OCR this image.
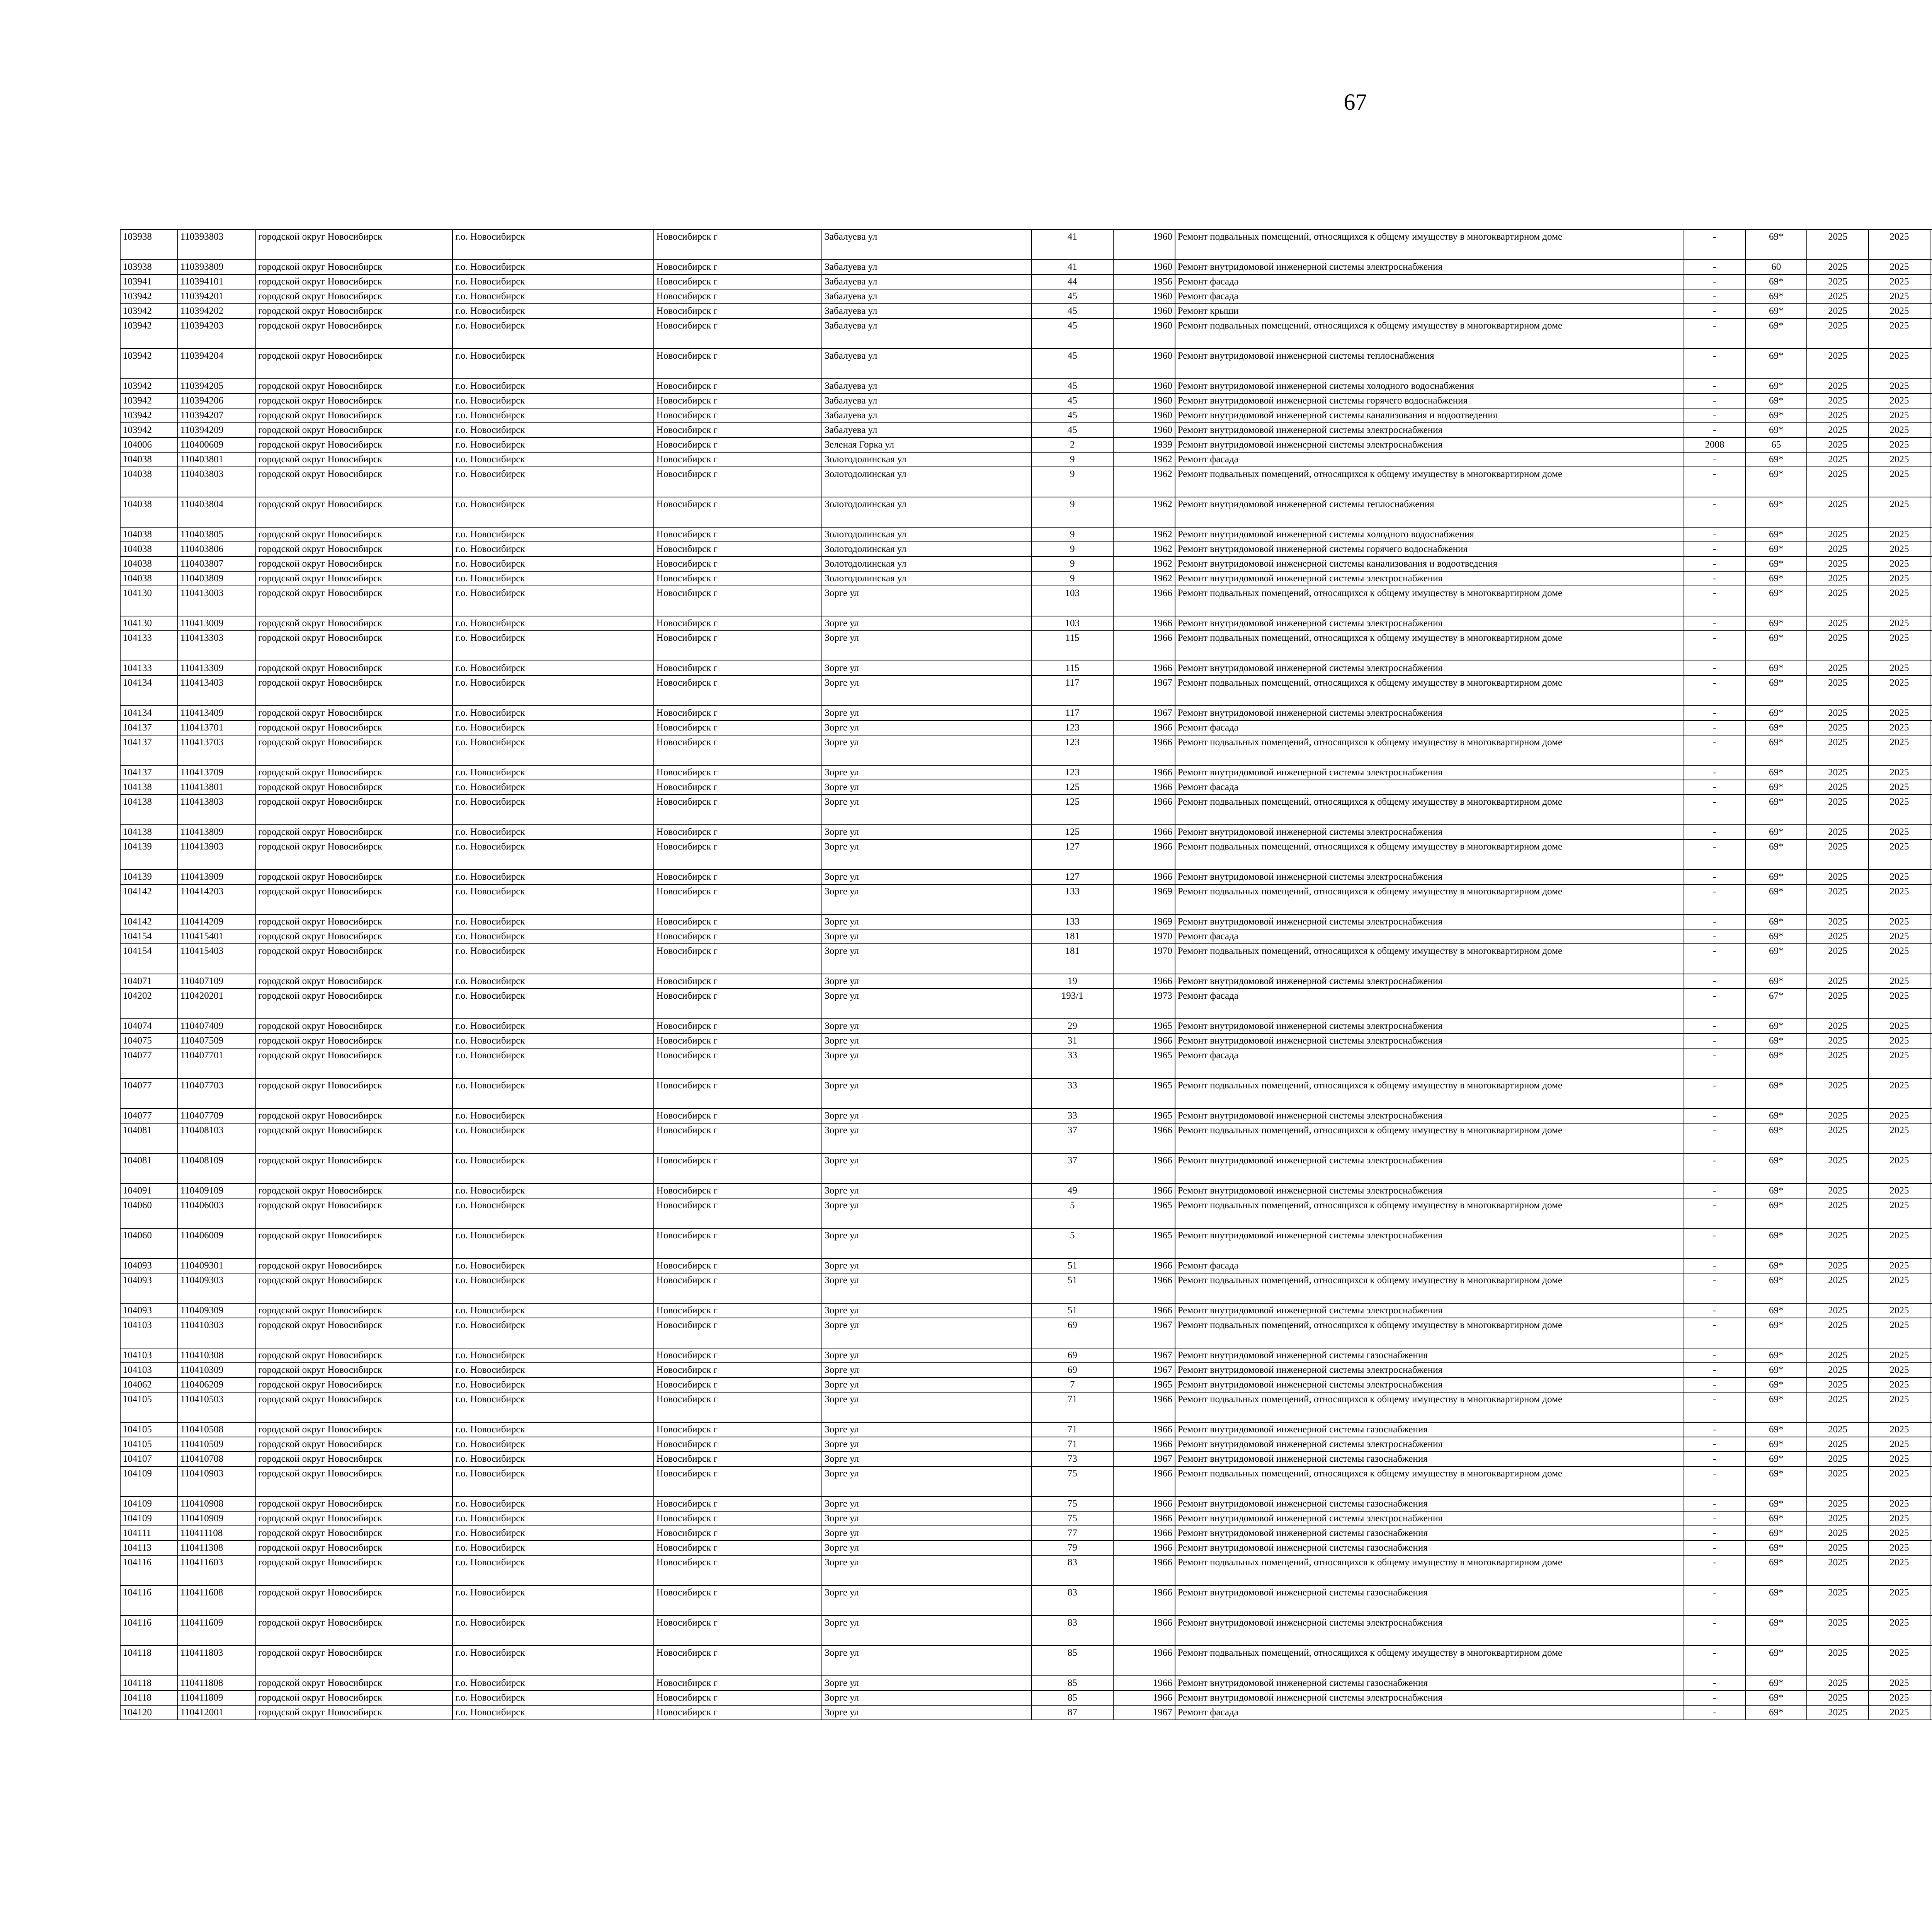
67
103938	110393803	городской округ Новосибирск	г.о. Новосибирск	Новосибирск г	Забалуева ул	41	1960	Ремонт подвальных помещений, относящихся к общему имуществу в многоквартирном доме	-	69*	2025	2025							
103938	110393809	городской округ Новосибирск	г.о. Новосибирск	Новосибирск г	Забалуева ул	41	1960	Ремонт внутридомовой инженерной системы электроснабжения	-	60	2025	2025							
103941	110394101	городской округ Новосибирск	г.о. Новосибирск	Новосибирск г	Забалуева ул	44	1956	Ремонт фасада	-	69*	2025	2025							
103942	110394201	городской округ Новосибирск	г.о. Новосибирск	Новосибирск г	Забалуева ул	45	1960	Ремонт фасада	-	69*	2025	2025							
103942	110394202	городской округ Новосибирск	г.о. Новосибирск	Новосибирск г	Забалуева ул	45	1960	Ремонт крыши	-	69*	2025	2025							
103942	110394203	городской округ Новосибирск	г.о. Новосибирск	Новосибирск г	Забалуева ул	45	1960	Ремонт подвальных помещений, относящихся к общему имуществу в многоквартирном доме	-	69*	2025	2025							
103942	110394204	городской округ Новосибирск	г.о. Новосибирск	Новосибирск г	Забалуева ул	45	1960	Ремонт внутридомовой инженерной системы теплоснабжения	-	69*	2025	2025							
103942	110394205	городской округ Новосибирск	г.о. Новосибирск	Новосибирск г	Забалуева ул	45	1960	Ремонт внутридомовой инженерной системы холодного водоснабжения	-	69*	2025	2025							
103942	110394206	городской округ Новосибирск	г.о. Новосибирск	Новосибирск г	Забалуева ул	45	1960	Ремонт внутридомовой инженерной системы горячего водоснабжения	-	69*	2025	2025							
103942	110394207	городской округ Новосибирск	г.о. Новосибирск	Новосибирск г	Забалуева ул	45	1960	Ремонт внутридомовой инженерной системы канализования и водоотведения	-	69*	2025	2025							
103942	110394209	городской округ Новосибирск	г.о. Новосибирск	Новосибирск г	Забалуева ул	45	1960	Ремонт внутридомовой инженерной системы электроснабжения	-	69*	2025	2025							
104006	110400609	городской округ Новосибирск	г.о. Новосибирск	Новосибирск г	Зеленая Горка ул	2	1939	Ремонт внутридомовой инженерной системы электроснабжения	2008	65	2025	2025							
104038	110403801	городской округ Новосибирск	г.о. Новосибирск	Новосибирск г	Золотодолинская ул	9	1962	Ремонт фасада	-	69*	2025	2025							
104038	110403803	городской округ Новосибирск	г.о. Новосибирск	Новосибирск г	Золотодолинская ул	9	1962	Ремонт подвальных помещений, относящихся к общему имуществу в многоквартирном доме	-	69*	2025	2025							
104038	110403804	городской округ Новосибирск	г.о. Новосибирск	Новосибирск г	Золотодолинская ул	9	1962	Ремонт внутридомовой инженерной системы теплоснабжения	-	69*	2025	2025							
104038	110403805	городской округ Новосибирск	г.о. Новосибирск	Новосибирск г	Золотодолинская ул	9	1962	Ремонт внутридомовой инженерной системы холодного водоснабжения	-	69*	2025	2025							
104038	110403806	городской округ Новосибирск	г.о. Новосибирск	Новосибирск г	Золотодолинская ул	9	1962	Ремонт внутридомовой инженерной системы горячего водоснабжения	-	69*	2025	2025							
104038	110403807	городской округ Новосибирск	г.о. Новосибирск	Новосибирск г	Золотодолинская ул	9	1962	Ремонт внутридомовой инженерной системы канализования и водоотведения	-	69*	2025	2025							
104038	110403809	городской округ Новосибирск	г.о. Новосибирск	Новосибирск г	Золотодолинская ул	9	1962	Ремонт внутридомовой инженерной системы электроснабжения	-	69*	2025	2025							
104130	110413003	городской округ Новосибирск	г.о. Новосибирск	Новосибирск г	Зорге ул	103	1966	Ремонт подвальных помещений, относящихся к общему имуществу в многоквартирном доме	-	69*	2025	2025							
104130	110413009	городской округ Новосибирск	г.о. Новосибирск	Новосибирск г	Зорге ул	103	1966	Ремонт внутридомовой инженерной системы электроснабжения	-	69*	2025	2025							
104133	110413303	городской округ Новосибирск	г.о. Новосибирск	Новосибирск г	Зорге ул	115	1966	Ремонт подвальных помещений, относящихся к общему имуществу в многоквартирном доме	-	69*	2025	2025							
104133	110413309	городской округ Новосибирск	г.о. Новосибирск	Новосибирск г	Зорге ул	115	1966	Ремонт внутридомовой инженерной системы электроснабжения	-	69*	2025	2025							
104134	110413403	городской округ Новосибирск	г.о. Новосибирск	Новосибирск г	Зорге ул	117	1967	Ремонт подвальных помещений, относящихся к общему имуществу в многоквартирном доме	-	69*	2025	2025							
104134	110413409	городской округ Новосибирск	г.о. Новосибирск	Новосибирск г	Зорге ул	117	1967	Ремонт внутридомовой инженерной системы электроснабжения	-	69*	2025	2025							
104137	110413701	городской округ Новосибирск	г.о. Новосибирск	Новосибирск г	Зорге ул	123	1966	Ремонт фасада	-	69*	2025	2025							
104137	110413703	городской округ Новосибирск	г.о. Новосибирск	Новосибирск г	Зорге ул	123	1966	Ремонт подвальных помещений, относящихся к общему имуществу в многоквартирном доме	-	69*	2025	2025							
104137	110413709	городской округ Новосибирск	г.о. Новосибирск	Новосибирск г	Зорге ул	123	1966	Ремонт внутридомовой инженерной системы электроснабжения	-	69*	2025	2025							
104138	110413801	городской округ Новосибирск	г.о. Новосибирск	Новосибирск г	Зорге ул	125	1966	Ремонт фасада	-	69*	2025	2025							
104138	110413803	городской округ Новосибирск	г.о. Новосибирск	Новосибирск г	Зорге ул	125	1966	Ремонт подвальных помещений, относящихся к общему имуществу в многоквартирном доме	-	69*	2025	2025							
104138	110413809	городской округ Новосибирск	г.о. Новосибирск	Новосибирск г	Зорге ул	125	1966	Ремонт внутридомовой инженерной системы электроснабжения	-	69*	2025	2025							
104139	110413903	городской округ Новосибирск	г.о. Новосибирск	Новосибирск г	Зорге ул	127	1966	Ремонт подвальных помещений, относящихся к общему имуществу в многоквартирном доме	-	69*	2025	2025							
104139	110413909	городской округ Новосибирск	г.о. Новосибирск	Новосибирск г	Зорге ул	127	1966	Ремонт внутридомовой инженерной системы электроснабжения	-	69*	2025	2025							
104142	110414203	городской округ Новосибирск	г.о. Новосибирск	Новосибирск г	Зорге ул	133	1969	Ремонт подвальных помещений, относящихся к общему имуществу в многоквартирном доме	-	69*	2025	2025							
104142	110414209	городской округ Новосибирск	г.о. Новосибирск	Новосибирск г	Зорге ул	133	1969	Ремонт внутридомовой инженерной системы электроснабжения	-	69*	2025	2025							
104154	110415401	городской округ Новосибирск	г.о. Новосибирск	Новосибирск г	Зорге ул	181	1970	Ремонт фасада	-	69*	2025	2025							
104154	110415403	городской округ Новосибирск	г.о. Новосибирск	Новосибирск г	Зорге ул	181	1970	Ремонт подвальных помещений, относящихся к общему имуществу в многоквартирном доме	-	69*	2025	2025							
104071	110407109	городской округ Новосибирск	г.о. Новосибирск	Новосибирск г	Зорге ул	19	1966	Ремонт внутридомовой инженерной системы электроснабжения	-	69*	2025	2025							
104202	110420201	городской округ Новосибирск	г.о. Новосибирск	Новосибирск г	Зорге ул	193/1	1973	Ремонт фасада	-	67*	2025	2025							
104074	110407409	городской округ Новосибирск	г.о. Новосибирск	Новосибирск г	Зорге ул	29	1965	Ремонт внутридомовой инженерной системы электроснабжения	-	69*	2025	2025							
104075	110407509	городской округ Новосибирск	г.о. Новосибирск	Новосибирск г	Зорге ул	31	1966	Ремонт внутридомовой инженерной системы электроснабжения	-	69*	2025	2025							
104077	110407701	городской округ Новосибирск	г.о. Новосибирск	Новосибирск г	Зорге ул	33	1965	Ремонт фасада	-	69*	2025	2025							
104077	110407703	городской округ Новосибирск	г.о. Новосибирск	Новосибирск г	Зорге ул	33	1965	Ремонт подвальных помещений, относящихся к общему имуществу в многоквартирном доме	-	69*	2025	2025							
104077	110407709	городской округ Новосибирск	г.о. Новосибирск	Новосибирск г	Зорге ул	33	1965	Ремонт внутридомовой инженерной системы электроснабжения	-	69*	2025	2025							
104081	110408103	городской округ Новосибирск	г.о. Новосибирск	Новосибирск г	Зорге ул	37	1966	Ремонт подвальных помещений, относящихся к общему имуществу в многоквартирном доме	-	69*	2025	2025							
104081	110408109	городской округ Новосибирск	г.о. Новосибирск	Новосибирск г	Зорге ул	37	1966	Ремонт внутридомовой инженерной системы электроснабжения	-	69*	2025	2025							
104091	110409109	городской округ Новосибирск	г.о. Новосибирск	Новосибирск г	Зорге ул	49	1966	Ремонт внутридомовой инженерной системы электроснабжения	-	69*	2025	2025							
104060	110406003	городской округ Новосибирск	г.о. Новосибирск	Новосибирск г	Зорге ул	5	1965	Ремонт подвальных помещений, относящихся к общему имуществу в многоквартирном доме	-	69*	2025	2025							
104060	110406009	городской округ Новосибирск	г.о. Новосибирск	Новосибирск г	Зорге ул	5	1965	Ремонт внутридомовой инженерной системы электроснабжения	-	69*	2025	2025							
104093	110409301	городской округ Новосибирск	г.о. Новосибирск	Новосибирск г	Зорге ул	51	1966	Ремонт фасада	-	69*	2025	2025							
104093	110409303	городской округ Новосибирск	г.о. Новосибирск	Новосибирск г	Зорге ул	51	1966	Ремонт подвальных помещений, относящихся к общему имуществу в многоквартирном доме	-	69*	2025	2025							
104093	110409309	городской округ Новосибирск	г.о. Новосибирск	Новосибирск г	Зорге ул	51	1966	Ремонт внутридомовой инженерной системы электроснабжения	-	69*	2025	2025							
104103	110410303	городской округ Новосибирск	г.о. Новосибирск	Новосибирск г	Зорге ул	69	1967	Ремонт подвальных помещений, относящихся к общему имуществу в многоквартирном доме	-	69*	2025	2025							
104103	110410308	городской округ Новосибирск	г.о. Новосибирск	Новосибирск г	Зорге ул	69	1967	Ремонт внутридомовой инженерной системы газоснабжения	-	69*	2025	2025							
104103	110410309	городской округ Новосибирск	г.о. Новосибирск	Новосибирск г	Зорге ул	69	1967	Ремонт внутридомовой инженерной системы электроснабжения	-	69*	2025	2025							
104062	110406209	городской округ Новосибирск	г.о. Новосибирск	Новосибирск г	Зорге ул	7	1965	Ремонт внутридомовой инженерной системы электроснабжения	-	69*	2025	2025							
104105	110410503	городской округ Новосибирск	г.о. Новосибирск	Новосибирск г	Зорге ул	71	1966	Ремонт подвальных помещений, относящихся к общему имуществу в многоквартирном доме	-	69*	2025	2025							
104105	110410508	городской округ Новосибирск	г.о. Новосибирск	Новосибирск г	Зорге ул	71	1966	Ремонт внутридомовой инженерной системы газоснабжения	-	69*	2025	2025							
104105	110410509	городской округ Новосибирск	г.о. Новосибирск	Новосибирск г	Зорге ул	71	1966	Ремонт внутридомовой инженерной системы электроснабжения	-	69*	2025	2025							
104107	110410708	городской округ Новосибирск	г.о. Новосибирск	Новосибирск г	Зорге ул	73	1967	Ремонт внутридомовой инженерной системы газоснабжения	-	69*	2025	2025							
104109	110410903	городской округ Новосибирск	г.о. Новосибирск	Новосибирск г	Зорге ул	75	1966	Ремонт подвальных помещений, относящихся к общему имуществу в многоквартирном доме	-	69*	2025	2025							
104109	110410908	городской округ Новосибирск	г.о. Новосибирск	Новосибирск г	Зорге ул	75	1966	Ремонт внутридомовой инженерной системы газоснабжения	-	69*	2025	2025							
104109	110410909	городской округ Новосибирск	г.о. Новосибирск	Новосибирск г	Зорге ул	75	1966	Ремонт внутридомовой инженерной системы электроснабжения	-	69*	2025	2025							
104111	110411108	городской округ Новосибирск	г.о. Новосибирск	Новосибирск г	Зорге ул	77	1966	Ремонт внутридомовой инженерной системы газоснабжения	-	69*	2025	2025							
104113	110411308	городской округ Новосибирск	г.о. Новосибирск	Новосибирск г	Зорге ул	79	1966	Ремонт внутридомовой инженерной системы газоснабжения	-	69*	2025	2025							
104116	110411603	городской округ Новосибирск	г.о. Новосибирск	Новосибирск г	Зорге ул	83	1966	Ремонт подвальных помещений, относящихся к общему имуществу в многоквартирном доме	-	69*	2025	2025							
104116	110411608	городской округ Новосибирск	г.о. Новосибирск	Новосибирск г	Зорге ул	83	1966	Ремонт внутридомовой инженерной системы газоснабжения	-	69*	2025	2025							
104116	110411609	городской округ Новосибирск	г.о. Новосибирск	Новосибирск г	Зорге ул	83	1966	Ремонт внутридомовой инженерной системы электроснабжения	-	69*	2025	2025							
104118	110411803	городской округ Новосибирск	г.о. Новосибирск	Новосибирск г	Зорге ул	85	1966	Ремонт подвальных помещений, относящихся к общему имуществу в многоквартирном доме	-	69*	2025	2025							
104118	110411808	городской округ Новосибирск	г.о. Новосибирск	Новосибирск г	Зорге ул	85	1966	Ремонт внутридомовой инженерной системы газоснабжения	-	69*	2025	2025							
104118	110411809	городской округ Новосибирск	г.о. Новосибирск	Новосибирск г	Зорге ул	85	1966	Ремонт внутридомовой инженерной системы электроснабжения	-	69*	2025	2025							
104120	110412001	городской округ Новосибирск	г.о. Новосибирск	Новосибирск г	Зорге ул	87	1967	Ремонт фасада	-	69*	2025	2025							
